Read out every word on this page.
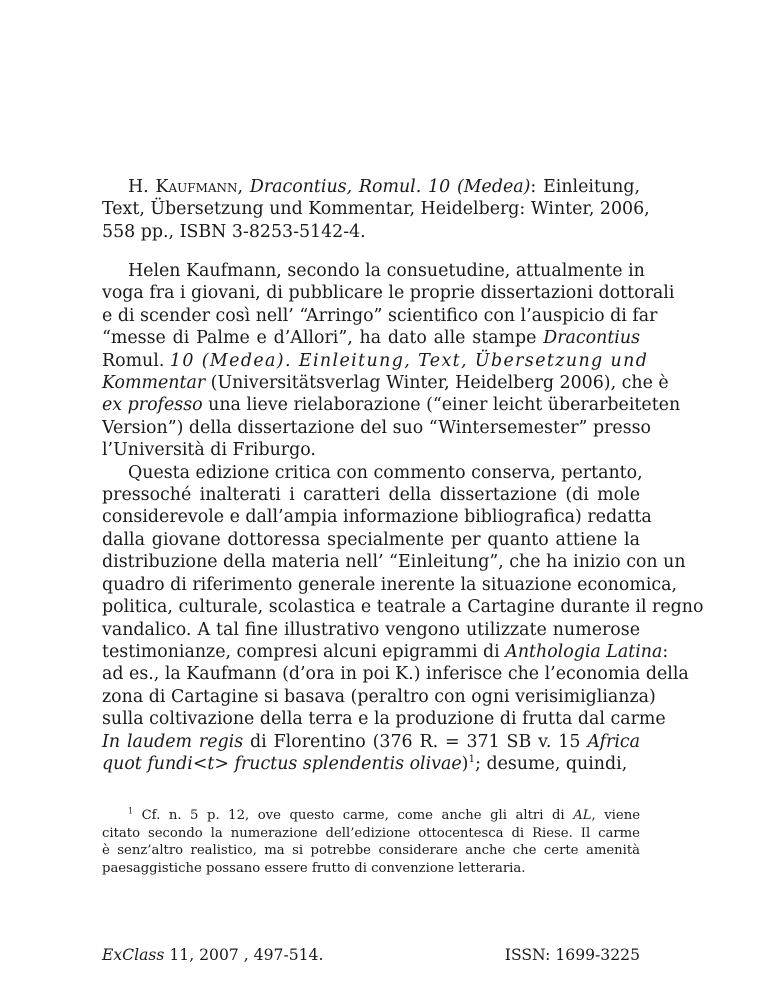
H. Kaufmann, Dracontius, Romul. 10 (Medea): Einleitung,
Text, Übersetzung und Kommentar, Heidelberg: Winter, 2006,
558 pp., ISBN 3-8253-5142-4.
Helen Kaufmann, secondo la consuetudine, attualmente in
voga fra i giovani, di pubblicare le proprie dissertazioni dottorali
e di scender così nell’ “Arringo” scientifico con l’auspicio di far
“messe di Palme e d’Allori”, ha dato alle stampe Dracontius
Romul. 10 (Medea). Einleitung, Text, Übersetzung und
Kommentar (Universitätsverlag Winter, Heidelberg 2006), che è
ex professo una lieve rielaborazione (“einer leicht überarbeiteten
Version”) della dissertazione del suo “Wintersemester” presso
l’Università di Friburgo.
Questa edizione critica con commento conserva, pertanto,
pressoché inalterati i caratteri della dissertazione (di mole
considerevole e dall’ampia informazione bibliografica) redatta
dalla giovane dottoressa specialmente per quanto attiene la
distribuzione della materia nell’ “Einleitung”, che ha inizio con un
quadro di riferimento generale inerente la situazione economica,
politica, culturale, scolastica e teatrale a Cartagine durante il regno
vandalico. A tal fine illustrativo vengono utilizzate numerose
testimonianze, compresi alcuni epigrammi di Anthologia Latina:
ad es., la Kaufmann (d’ora in poi K.) inferisce che l’economia della
zona di Cartagine si basava (peraltro con ogni verisimiglianza)
sulla coltivazione della terra e la produzione di frutta dal carme
In laudem regis di Florentino (376 R. = 371 SB v. 15 Africa
quot fundi<t> fructus splendentis olivae)$^1$; desume, quindi,
$^1$ Cf. n. 5 p. 12, ove questo carme, come anche gli altri di AL, viene
citato secondo la numerazione dell’edizione ottocentesca di Riese. Il carme
è senz’altro realistico, ma si potrebbe considerare anche che certe amenità
paesaggistiche possano essere frutto di convenzione letteraria.
ExClass 11, 2007 , 497-514.	ISSN: 1699-3225
